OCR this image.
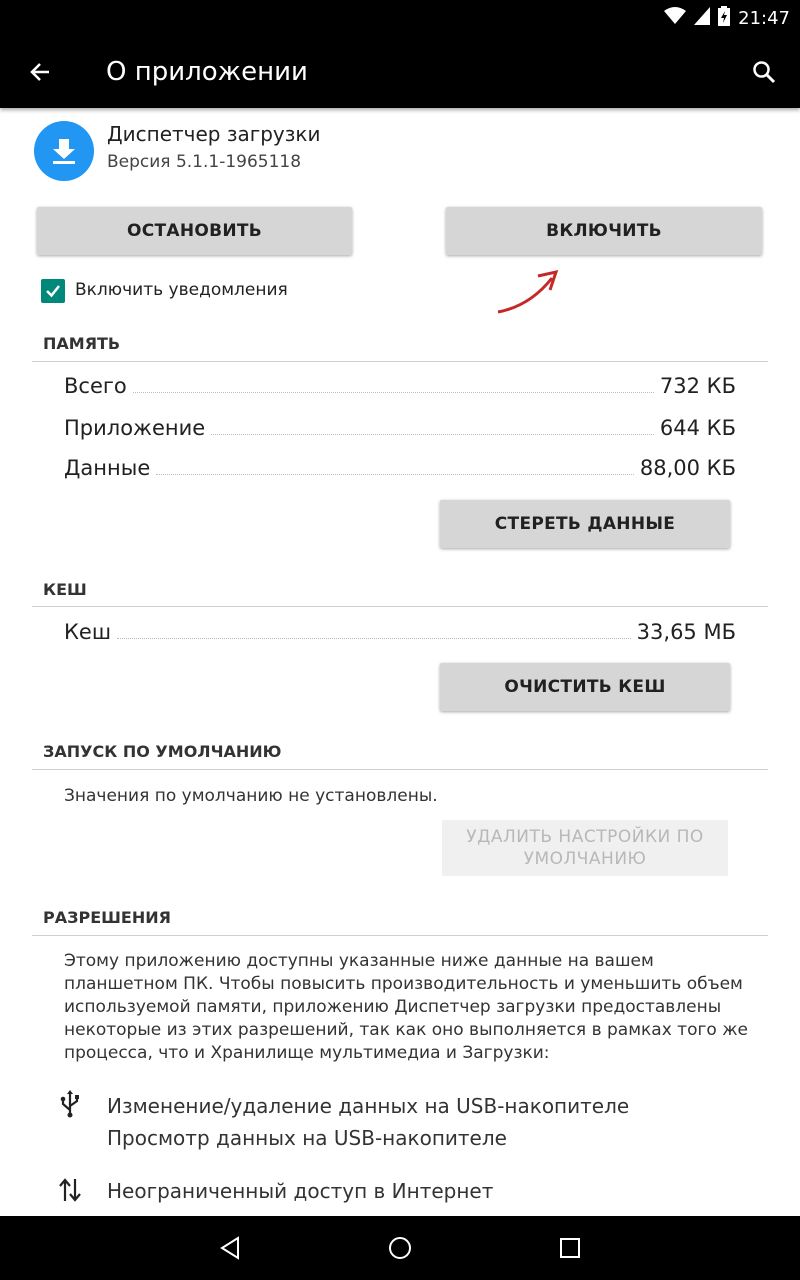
21:47
О приложении
Диспетчер загрузки
Версия 5.1.1-1965118
ОСТАНОВИТЬ	ВКЛЮЧИТЬ
Включить уведомления
ПАМЯТЬ
Всего	732 КБ
Приложение	644 КБ
Данные	88,00 КБ
СТЕРЕТЬ ДАННЫЕ
КЕШ
Кеш	33,65 МБ
ОЧИСТИТЬ КЕШ
ЗАПУСК ПО УМОЛЧАНИЮ
Значения по умолчанию не установлены.
УДАЛИТЬ НАСТРОЙКИ ПО УМОЛЧАНИЮ
РАЗРЕШЕНИЯ
Этому приложению доступны указанные ниже данные на вашем планшетном ПК. Чтобы повысить производительность и уменьшить объем используемой памяти, приложению Диспетчер загрузки предоставлены некоторые из этих разрешений, так как оно выполняется в рамках того же процесса, что и Хранилище мультимедиа и Загрузки:
Изменение/удаление данных на USB-накопителе
Просмотр данных на USB-накопителе
Неограниченный доступ в Интернет
